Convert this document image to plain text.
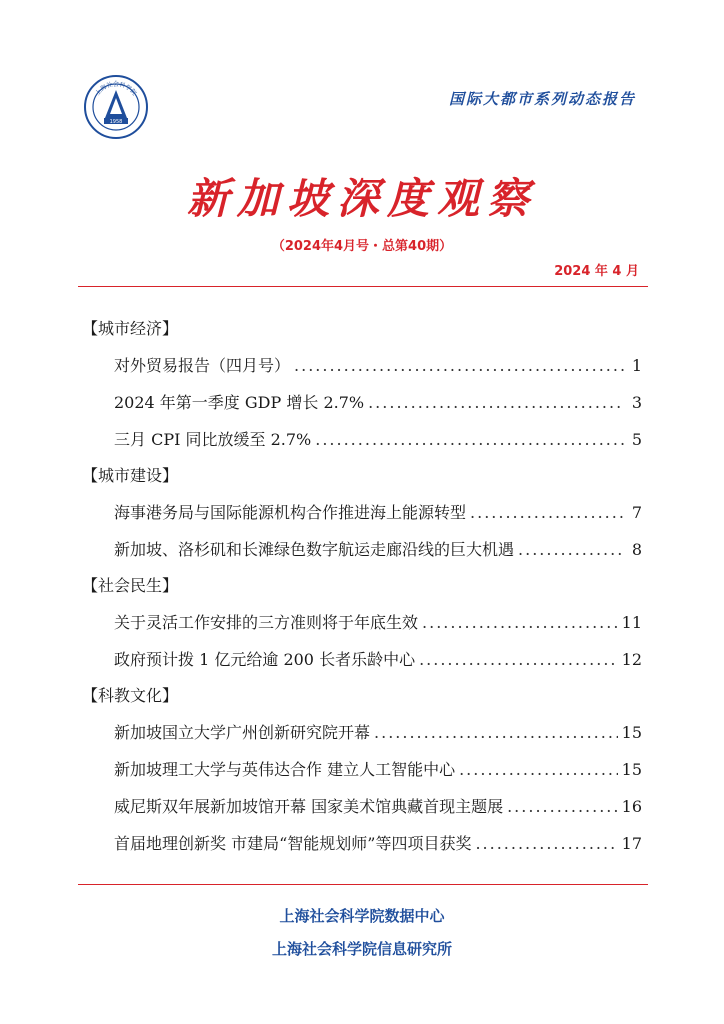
上海社会科学院
1958
国际大都市系列动态报告
新加坡深度观察
（2024年4月号・总第40期）
2024 年 4 月
【城市经济】
对外贸易报告（四月号） .....	1
2024 年第一季度 GDP 增长 2.7% .....	3
三月 CPI 同比放缓至 2.7% .....	5
【城市建设】
海事港务局与国际能源机构合作推进海上能源转型 .....	7
新加坡、洛杉矶和长滩绿色数字航运走廊沿线的巨大机遇 .....	8
【社会民生】
关于灵活工作安排的三方准则将于年底生效 .....	11
政府预计拨 1 亿元给逾 200 长者乐龄中心 .....	12
【科教文化】
新加坡国立大学广州创新研究院开幕 .....	15
新加坡理工大学与英伟达合作 建立人工智能中心 .....	15
威尼斯双年展新加坡馆开幕 国家美术馆典藏首现主题展 .....	16
首届地理创新奖 市建局“智能规划师”等四项目获奖 .....	17
上海社会科学院数据中心
上海社会科学院信息研究所
